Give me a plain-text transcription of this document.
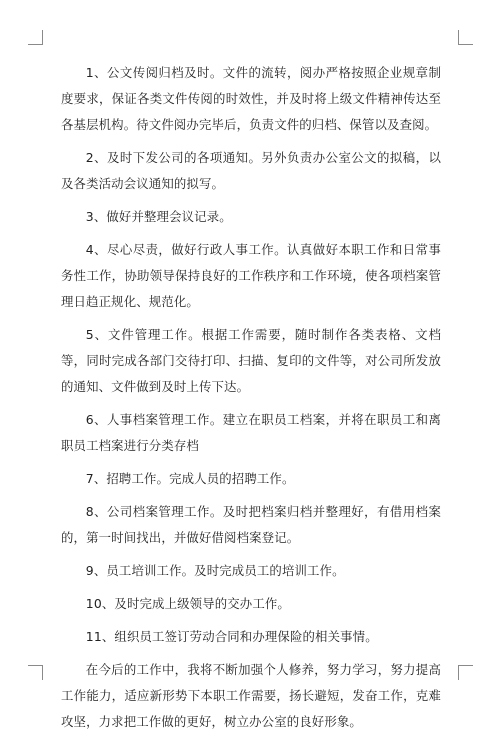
1、公文传阅归档及时。文件的流转，阅办严格按照企业规章制度要求，保证各类文件传阅的时效性，并及时将上级文件精神传达至各基层机构。待文件阅办完毕后，负责文件的归档、保管以及查阅。

2、及时下发公司的各项通知。另外负责办公室公文的拟稿，以及各类活动会议通知的拟写。

3、做好并整理会议记录。

4、尽心尽责，做好行政人事工作。认真做好本职工作和日常事务性工作，协助领导保持良好的工作秩序和工作环境，使各项档案管理日趋正规化、规范化。

5、文件管理工作。根据工作需要，随时制作各类表格、文档等，同时完成各部门交待打印、扫描、复印的文件等，对公司所发放的通知、文件做到及时上传下达。

6、人事档案管理工作。建立在职员工档案，并将在职员工和离职员工档案进行分类存档

7、招聘工作。完成人员的招聘工作。

8、公司档案管理工作。及时把档案归档并整理好，有借用档案的，第一时间找出，并做好借阅档案登记。

9、员工培训工作。及时完成员工的培训工作。

10、及时完成上级领导的交办工作。

11、组织员工签订劳动合同和办理保险的相关事情。

在今后的工作中，我将不断加强个人修养，努力学习，努力提高工作能力，适应新形势下本职工作需要，扬长避短，发奋工作，克难攻坚，力求把工作做的更好，树立办公室的良好形象。
